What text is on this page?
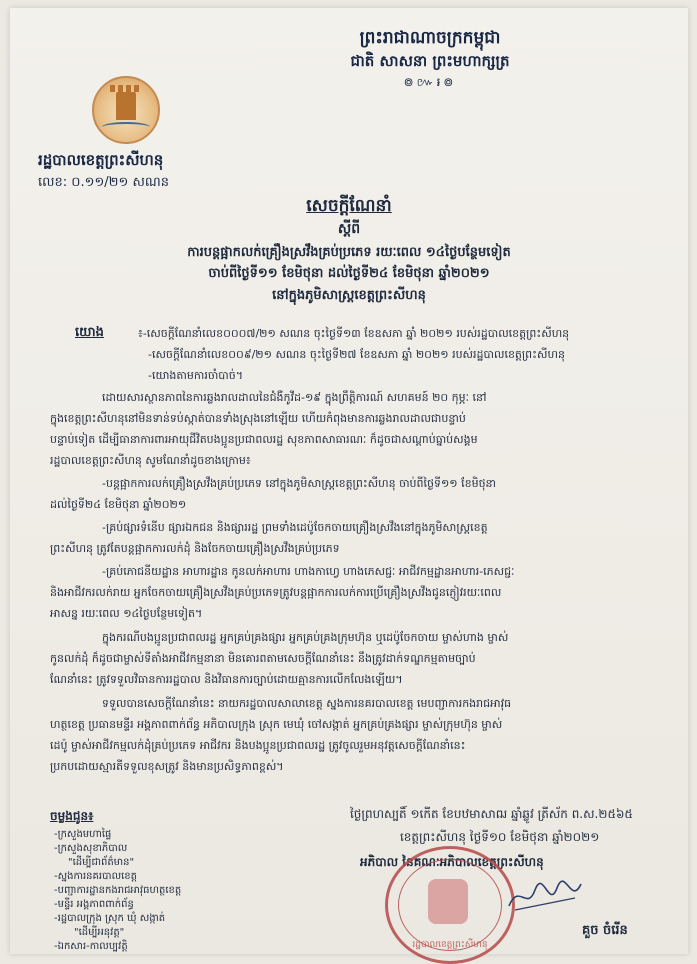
ព្រះរាជាណាចក្រកម្ពុជា
ជាតិ សាសនា ព្រះមហាក្សត្រ
៙៚៛៙
រដ្ឋបាលខេត្តព្រះសីហនុ
លេខ: ០.១១/២១ សណន
សេចក្តីណែនាំ
ស្តីពី
ការបន្តផ្អាកលក់គ្រឿងស្រវឹងគ្រប់ប្រភេទ រយៈពេល ១៤ថ្ងៃបន្ថែមទៀត
ចាប់ពីថ្ងៃទី១១ ខែមិថុនា ដល់ថ្ងៃទី២៤ ខែមិថុនា ឆ្នាំ២០២១
នៅក្នុងភូមិសាស្ត្រខេត្តព្រះសីហនុ
យោង	៖-សេចក្តីណែនាំលេខ០០០៧/២១ សណន ចុះថ្ងៃទី១៣ ខែឧសភា ឆ្នាំ ២០២១ របស់រដ្ឋបាលខេត្តព្រះសីហនុ
-សេចក្តីណែនាំលេខ០០៩/២១ សណន ចុះថ្ងៃទី២៧ ខែឧសភា ឆ្នាំ ២០២១ របស់រដ្ឋបាលខេត្តព្រះសីហនុ
-យោងតាមការចាំបាច់។
ដោយសារស្ថានភាពនៃការឆ្លងរាលដាលនៃជំងឺកូវីដ-១៩ ក្នុងព្រឹត្តិការណ៍ សហគមន៍ ២០ កុម្ភៈ នៅ
ក្នុងខេត្តព្រះសីហនុនៅមិនទាន់ទប់ស្កាត់បានទាំងស្រុងនៅឡើយ ហើយកំពុងមានការឆ្លងរាលដាលជាបន្ទាប់
បន្ទាប់ទៀត ដើម្បីធានាការពារអាយុជីវិតបងប្អូនប្រជាពលរដ្ឋ សុខភាពសាធារណៈ ក៏ដូចជាសណ្តាប់ធ្នាប់សង្គម
រដ្ឋបាលខេត្តព្រះសីហនុ សូមណែនាំដូចខាងក្រោម៖
-បន្តផ្អាកការលក់គ្រឿងស្រវឹងគ្រប់ប្រភេទ នៅក្នុងភូមិសាស្ត្រខេត្តព្រះសីហនុ ចាប់ពីថ្ងៃទី១១ ខែមិថុនា
ដល់ថ្ងៃទី២៤ ខែមិថុនា ឆ្នាំ២០២១
-គ្រប់ផ្សារទំនើប ផ្សារឯកជន និងផ្សាររដ្ឋ ព្រមទាំងដេប៉ូចែកចាយគ្រឿងស្រវឹងនៅក្នុងភូមិសាស្ត្រខេត្ត
ព្រះសីហនុ ត្រូវតែបន្តផ្អាកការលក់ដុំ និងចែកចាយគ្រឿងស្រវឹងគ្រប់ប្រភេទ
-គ្រប់ភោជនីយដ្ឋាន អាហារដ្ឋាន កូនលក់អាហារ ហាងកាហ្វេ ហាងភេសជ្ជៈ អាជីវកម្មដ្ឋានអាហារ-ភេសជ្ជៈ
និងអាជីវករលក់រាយ អ្នកចែកចាយគ្រឿងស្រវឹងគ្រប់ប្រភេទត្រូវបន្តផ្អាកការលក់ការប្រើគ្រឿងស្រវឹងជូនភ្ញៀវរយៈពេល
អាសន្ន រយៈពេល ១៤ថ្ងៃបន្ថែមទៀត។
ក្នុងករណីបងប្អូនប្រជាពលរដ្ឋ អ្នកគ្រប់គ្រងផ្សារ អ្នកគ្រប់គ្រងក្រុមហ៊ុន ឬដេប៉ូចែកចាយ ម្ចាស់ហាង ម្ចាស់
កូនលក់ដុំ ក៏ដូចជាម្ចាស់ទីតាំងអាជីវកម្មនានា មិនគោរពតាមសេចក្តីណែនាំនេះ នឹងត្រូវដាក់ទណ្ឌកម្មតាមច្បាប់
ណែនាំនេះ ត្រូវទទួលវិធានការរដ្ឋបាល និងវិធានការច្បាប់ដោយគ្មានការលើកលែងឡើយ។
ទទួលបានសេចក្តីណែនាំនេះ នាយករដ្ឋបាលសាលាខេត្ត ស្នងការនគរបាលខេត្ត មេបញ្ជាការកងរាជអាវុធ
ហត្ថខេត្ត ប្រធានមន្ទីរ អង្គភាពពាក់ព័ន្ធ អភិបាលក្រុង ស្រុក មេឃុំ ចៅសង្កាត់ អ្នកគ្រប់គ្រងផ្សារ ម្ចាស់ក្រុមហ៊ុន ម្ចាស់
ដេប៉ូ ម្ចាស់អាជីវកម្មលក់ដុំគ្រប់ប្រភេទ អាជីវករ និងបងប្អូនប្រជាពលរដ្ឋ ត្រូវចូលរួមអនុវត្តសេចក្តីណែនាំនេះ
ប្រកបដោយស្មារតីទទួលខុសត្រូវ និងមានប្រសិទ្ធភាពខ្ពស់។
ចម្លងជូន៖
-ក្រសួងមហាផ្ទៃ
-ក្រសួងសុខាភិបាល
"ដើម្បីជាព័ត៌មាន"
-ស្នងការនគរបាលខេត្ត
-បញ្ជាការដ្ឋានកងរាជអាវុធហត្ថខេត្ត
-មន្ទីរ អង្គភាពពាក់ព័ន្ធ
-រដ្ឋបាលក្រុង ស្រុក ឃុំ សង្កាត់
"ដើម្បីអនុវត្ត"
-ឯកសារ-កាលប្បវត្តិ
ថ្ងៃព្រហស្បតិ៍ ១កើត ខែបឋមាសាឍ ឆ្នាំឆ្លូវ ត្រីស័ក ព.ស.២៥៦៥
ខេត្តព្រះសីហនុ ថ្ងៃទី១០ ខែមិថុនា ឆ្នាំ២០២១
អភិបាល នៃគណៈអភិបាលខេត្តព្រះសីហនុ
រដ្ឋបាលខេត្តព្រះសីហនុ
គួច ចំរើន
